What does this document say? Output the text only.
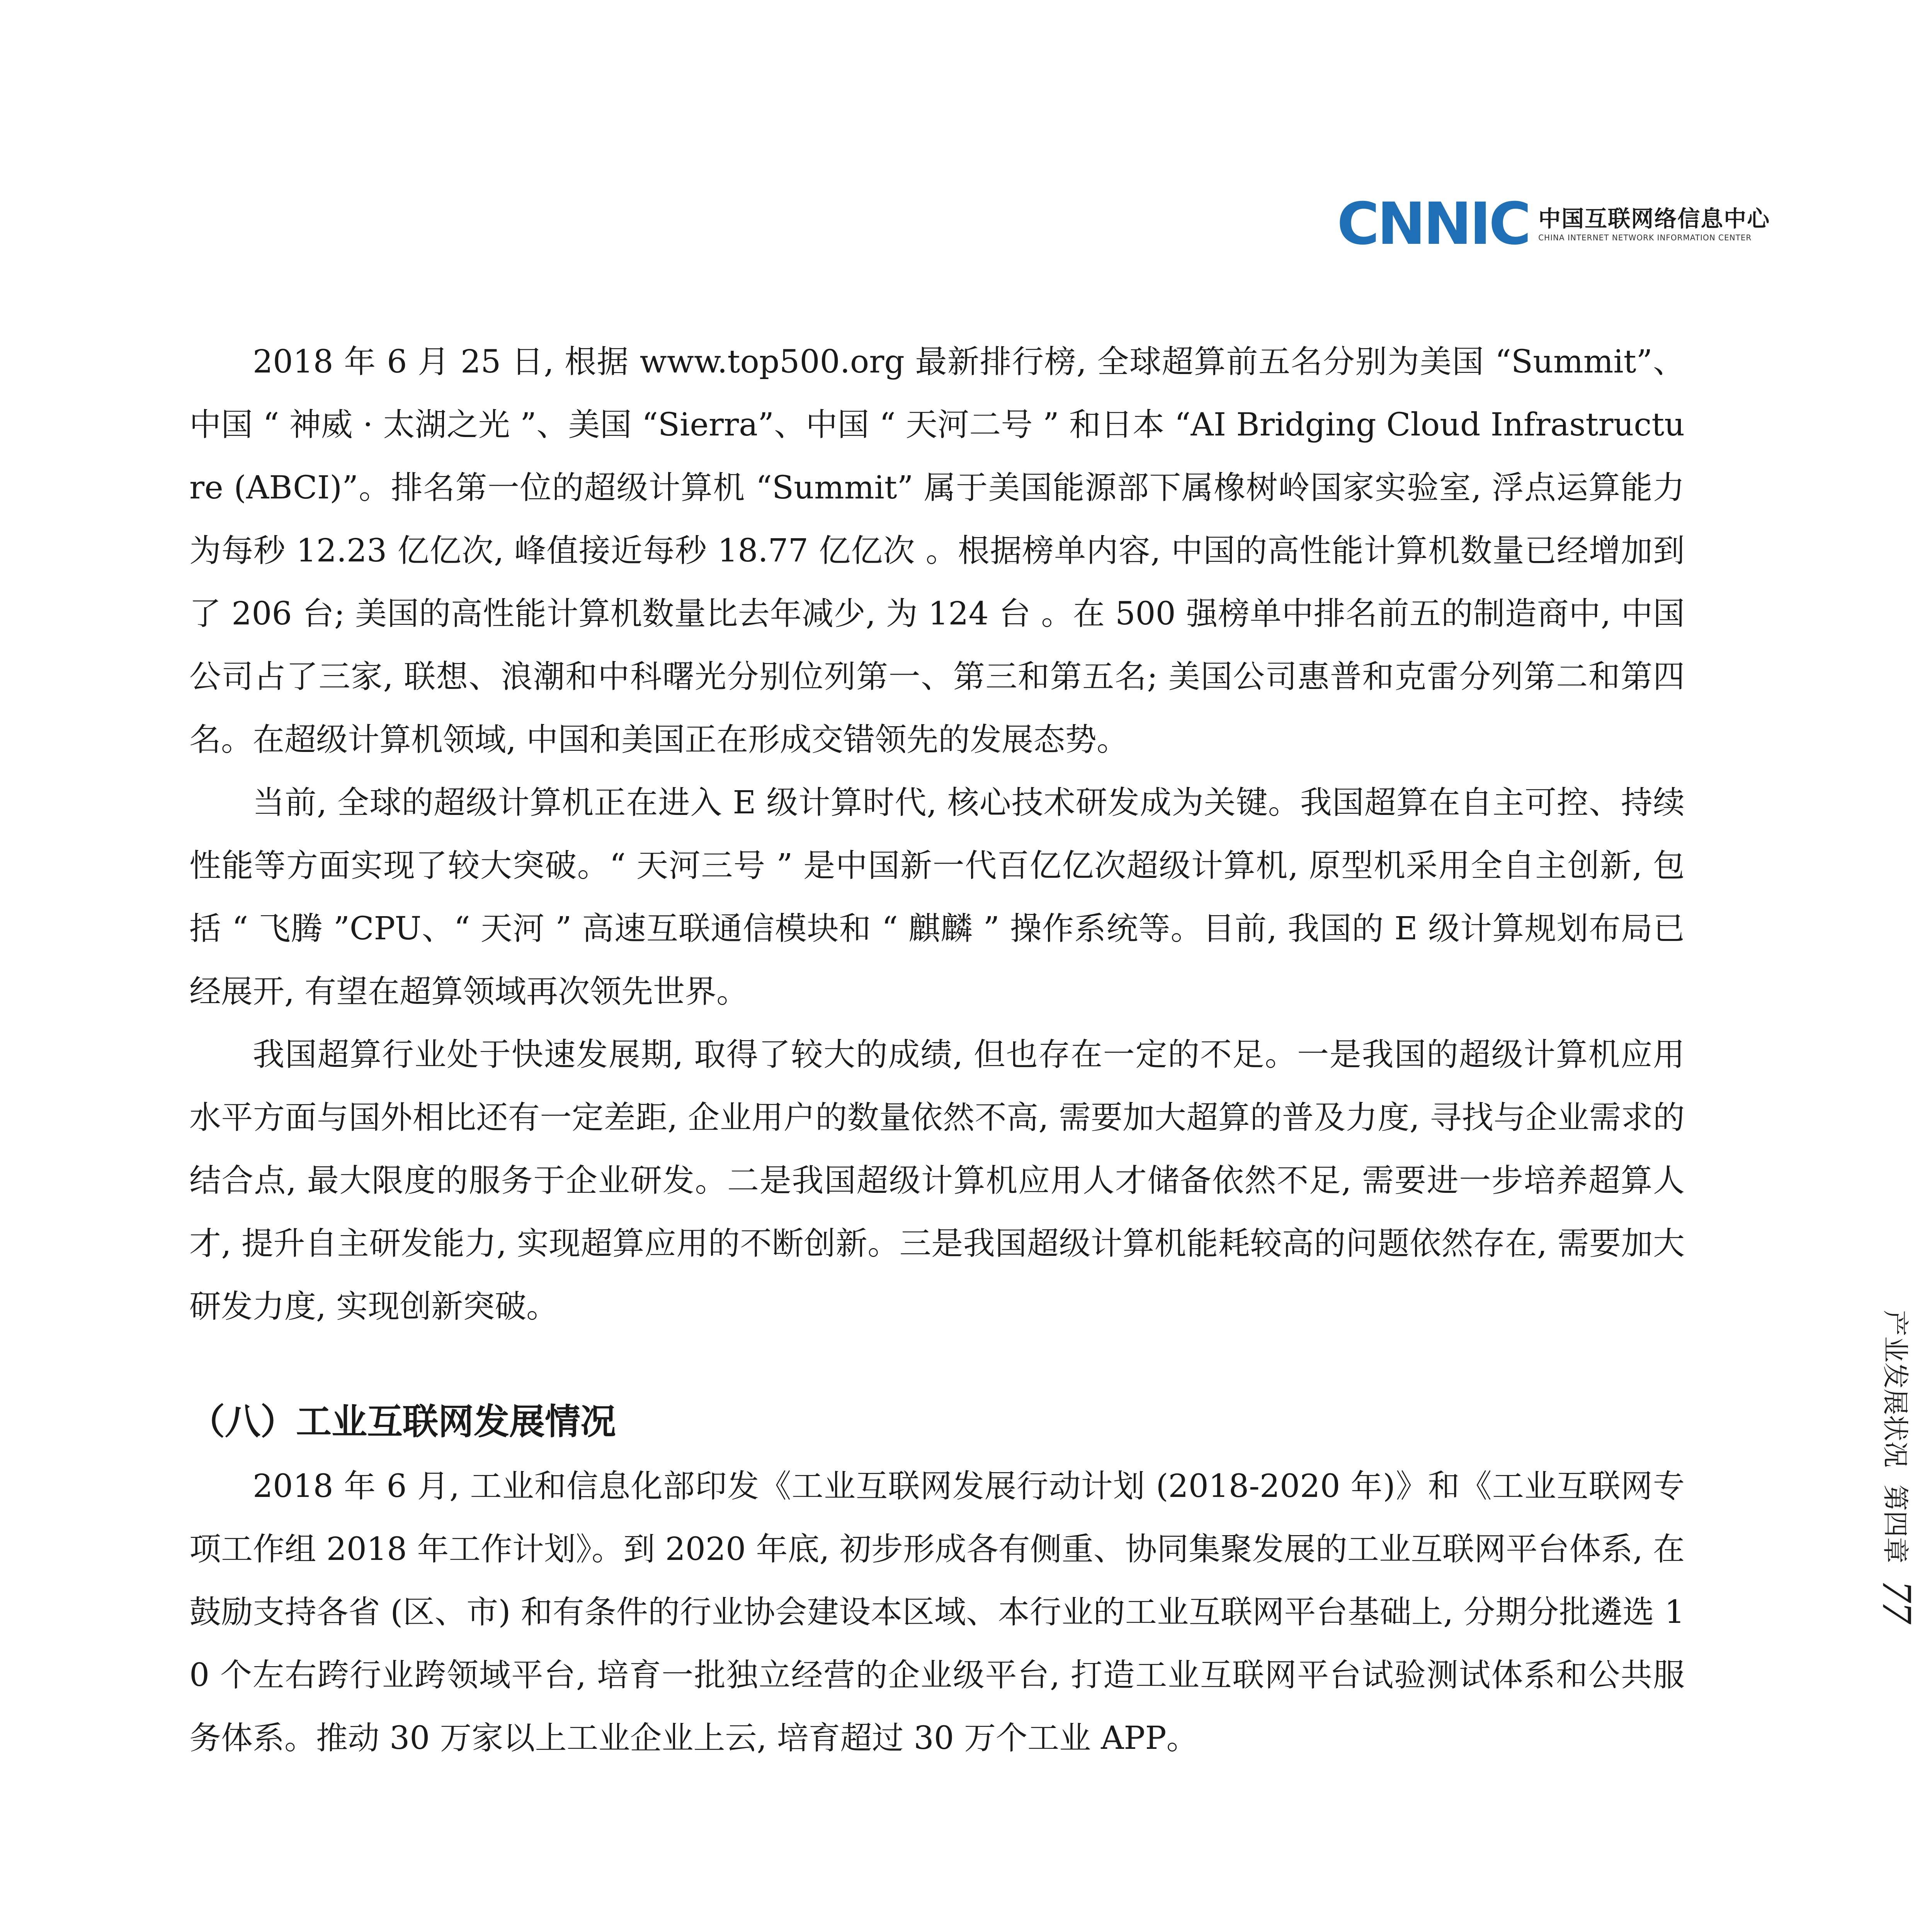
CNNIC 中国互联网络信息中心
CHINA INTERNET NETWORK INFORMATION CENTER

2018 年 6 月 25 日, 根据 www.top500.org 最新排行榜, 全球超算前五名分别为美国 “Summit”、中国 “ 神威 · 太湖之光 ”、美国 “Sierra”、中国 “ 天河二号 ” 和日本 “AI Bridging Cloud Infrastructure (ABCI)”。排名第一位的超级计算机 “Summit” 属于美国能源部下属橡树岭国家实验室, 浮点运算能力为每秒 12.23 亿亿次, 峰值接近每秒 18.77 亿亿次 。根据榜单内容, 中国的高性能计算机数量已经增加到了 206 台; 美国的高性能计算机数量比去年减少, 为 124 台 。在 500 强榜单中排名前五的制造商中, 中国公司占了三家, 联想、浪潮和中科曙光分别位列第一、第三和第五名; 美国公司惠普和克雷分列第二和第四名。在超级计算机领域, 中国和美国正在形成交错领先的发展态势。

当前, 全球的超级计算机正在进入 E 级计算时代, 核心技术研发成为关键。我国超算在自主可控、持续性能等方面实现了较大突破。“ 天河三号 ” 是中国新一代百亿亿次超级计算机, 原型机采用全自主创新, 包括 “ 飞腾 ”CPU、“ 天河 ” 高速互联通信模块和 “ 麒麟 ” 操作系统等。目前, 我国的 E 级计算规划布局已经展开, 有望在超算领域再次领先世界。

我国超算行业处于快速发展期, 取得了较大的成绩, 但也存在一定的不足。一是我国的超级计算机应用水平方面与国外相比还有一定差距, 企业用户的数量依然不高, 需要加大超算的普及力度, 寻找与企业需求的结合点, 最大限度的服务于企业研发。二是我国超级计算机应用人才储备依然不足, 需要进一步培养超算人才, 提升自主研发能力, 实现超算应用的不断创新。三是我国超级计算机能耗较高的问题依然存在, 需要加大研发力度, 实现创新突破。

（八）工业互联网发展情况

2018 年 6 月, 工业和信息化部印发《工业互联网发展行动计划 (2018-2020 年)》和《工业互联网专项工作组 2018 年工作计划》。到 2020 年底, 初步形成各有侧重、协同集聚发展的工业互联网平台体系, 在鼓励支持各省 (区、市) 和有条件的行业协会建设本区域、本行业的工业互联网平台基础上, 分期分批遴选 10 个左右跨行业跨领域平台, 培育一批独立经营的企业级平台, 打造工业互联网平台试验测试体系和公共服务体系。推动 30 万家以上工业企业上云, 培育超过 30 万个工业 APP。

产业发展状况
第四章
77
